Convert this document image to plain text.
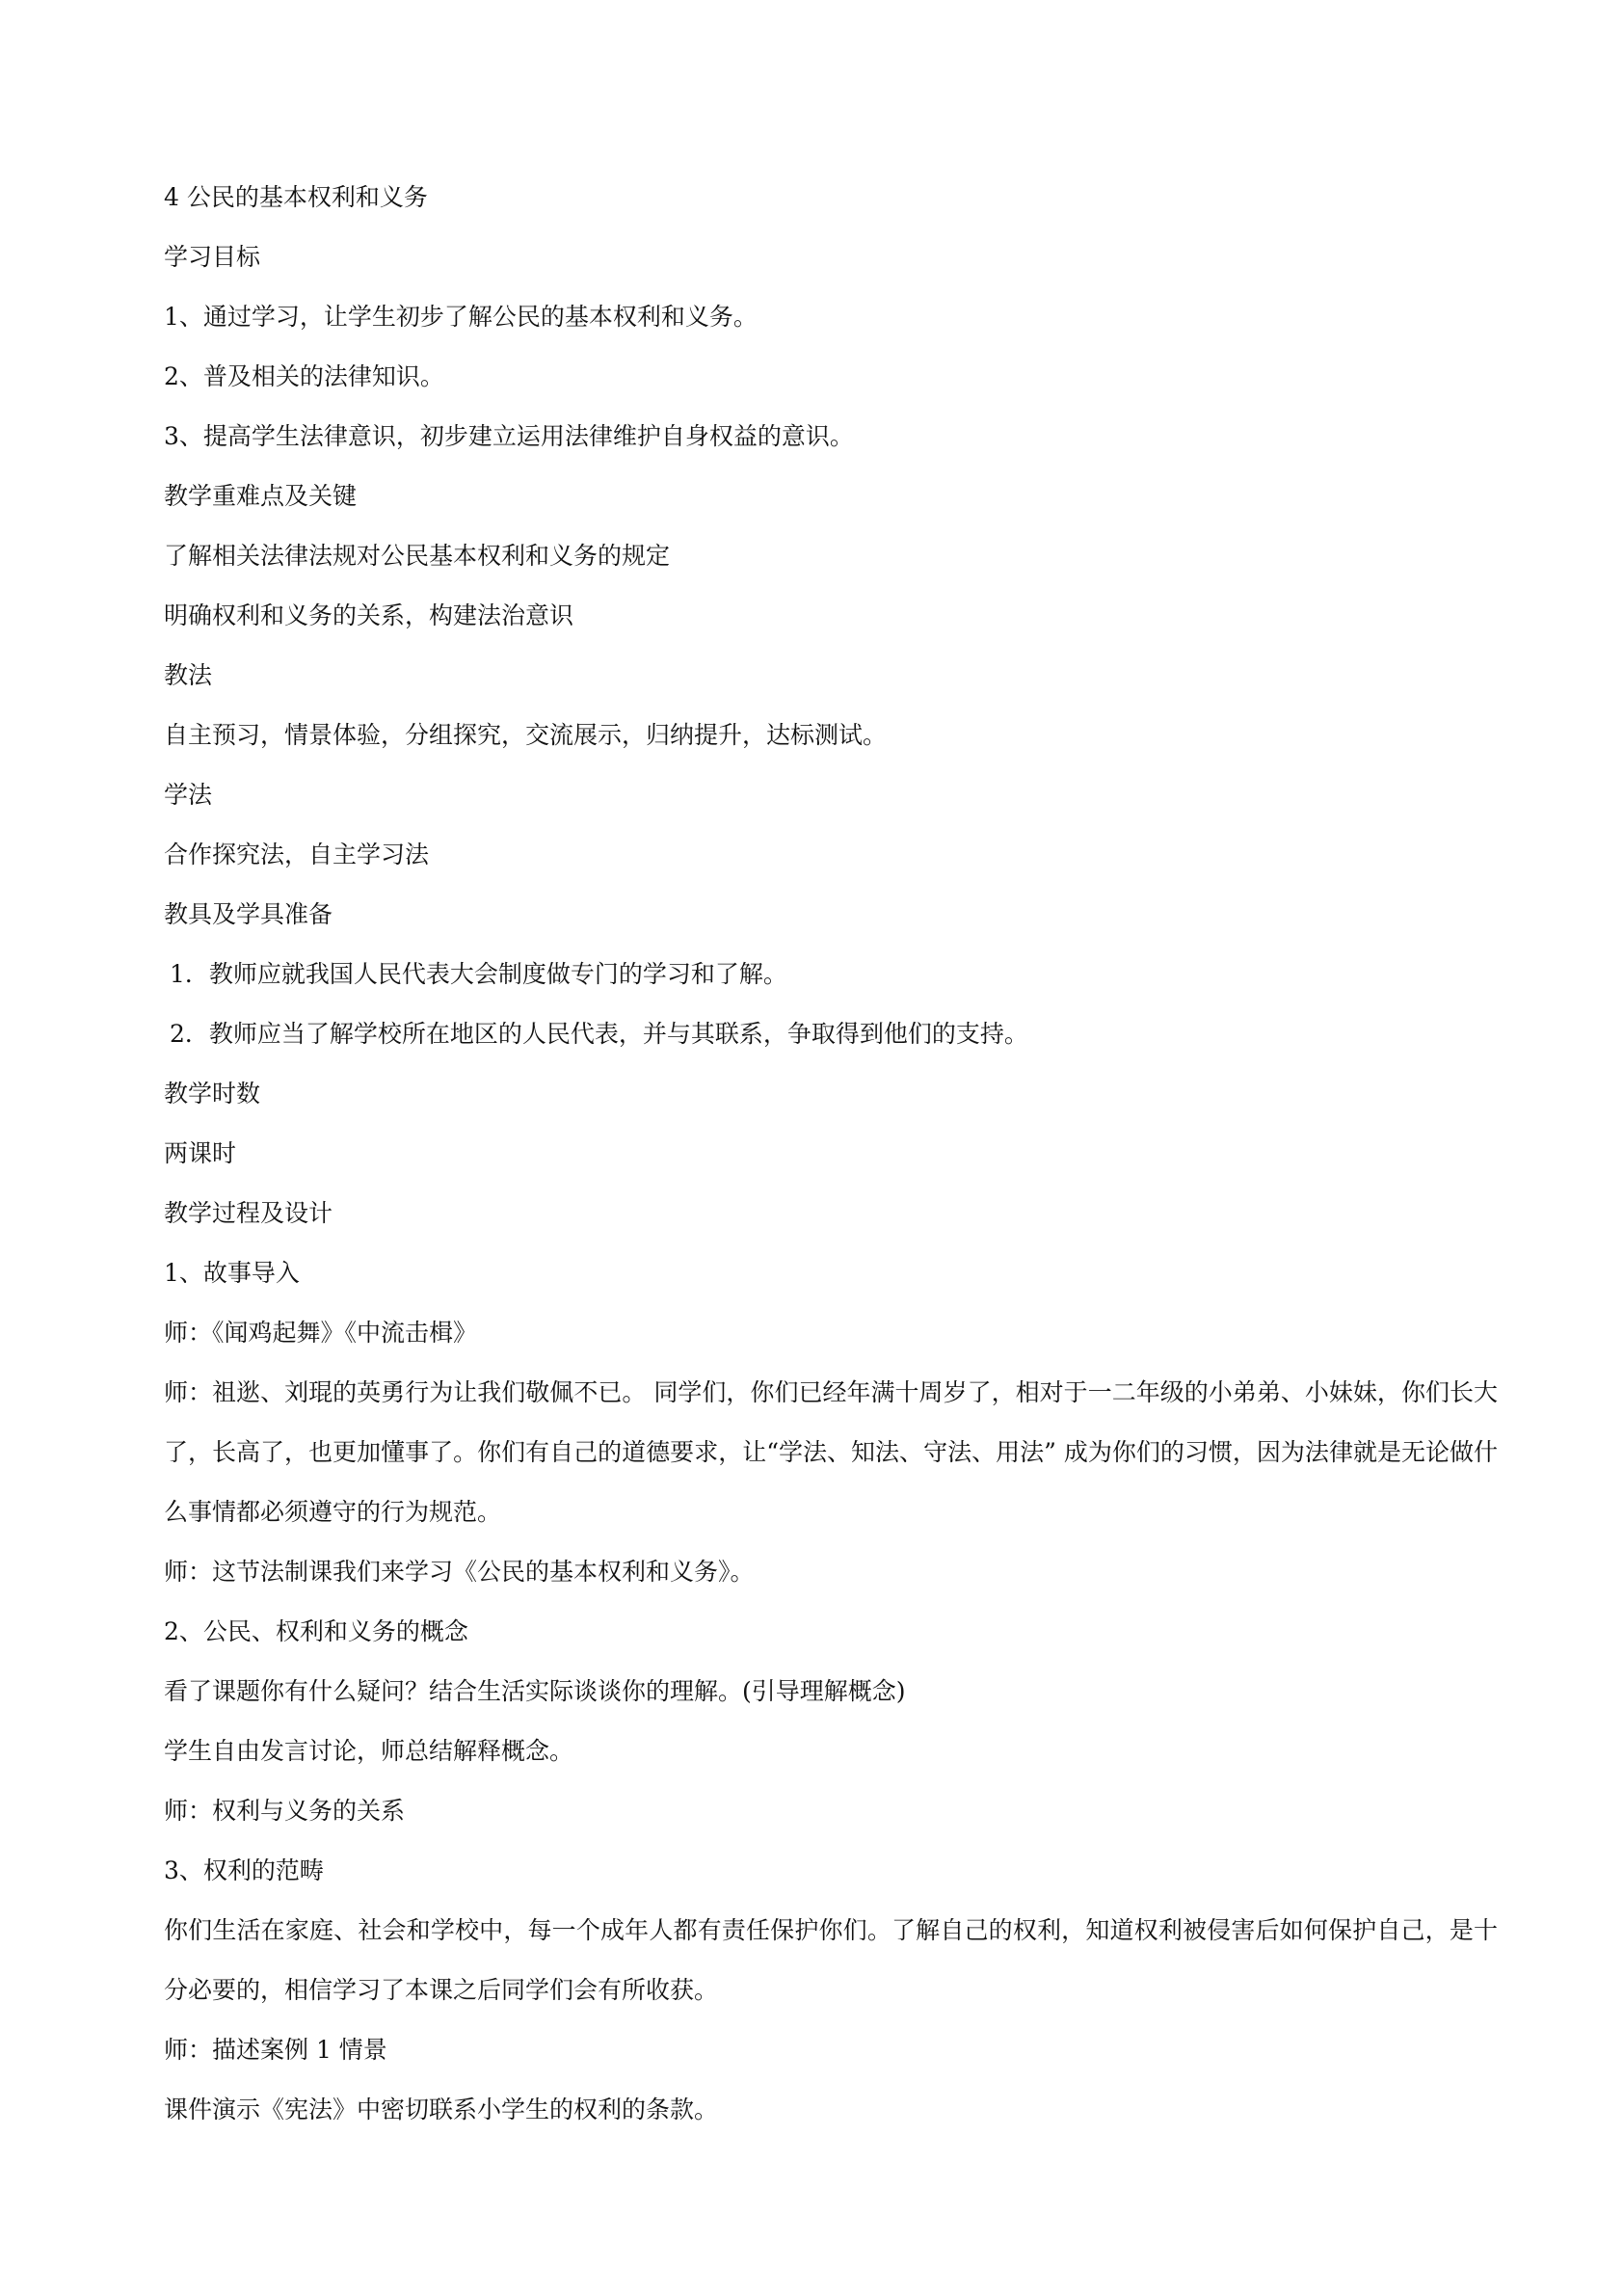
4 公民的基本权利和义务

学习目标

1、通过学习，让学生初步了解公民的基本权利和义务。

2、普及相关的法律知识。

3、提高学生法律意识，初步建立运用法律维护自身权益的意识。

教学重难点及关键

了解相关法律法规对公民基本权利和义务的规定

明确权利和义务的关系，构建法治意识

教法

自主预习，情景体验，分组探究，交流展示，归纳提升，达标测试。

学法

合作探究法，自主学习法

教具及学具准备

1．教师应就我国人民代表大会制度做专门的学习和了解。

2．教师应当了解学校所在地区的人民代表，并与其联系，争取得到他们的支持。

教学时数

两课时

教学过程及设计

1、故事导入

师：《闻鸡起舞》《中流击楫》

师：祖逖、刘琨的英勇行为让我们敬佩不已。 同学们，你们已经年满十周岁了，相对于一二年级的小弟弟、小妹妹，你们长大了，长高了，也更加懂事了。你们有自己的道德要求，让“学法、知法、守法、用法” 成为你们的习惯，因为法律就是无论做什么事情都必须遵守的行为规范。

师：这节法制课我们来学习《公民的基本权利和义务》。

2、公民、权利和义务的概念

看了课题你有什么疑问？结合生活实际谈谈你的理解。(引导理解概念)

学生自由发言讨论，师总结解释概念。

师：权利与义务的关系

3、权利的范畴

你们生活在家庭、社会和学校中，每一个成年人都有责任保护你们。了解自己的权利，知道权利被侵害后如何保护自己，是十分必要的，相信学习了本课之后同学们会有所收获。

师：描述案例 1 情景

课件演示《宪法》中密切联系小学生的权利的条款。
